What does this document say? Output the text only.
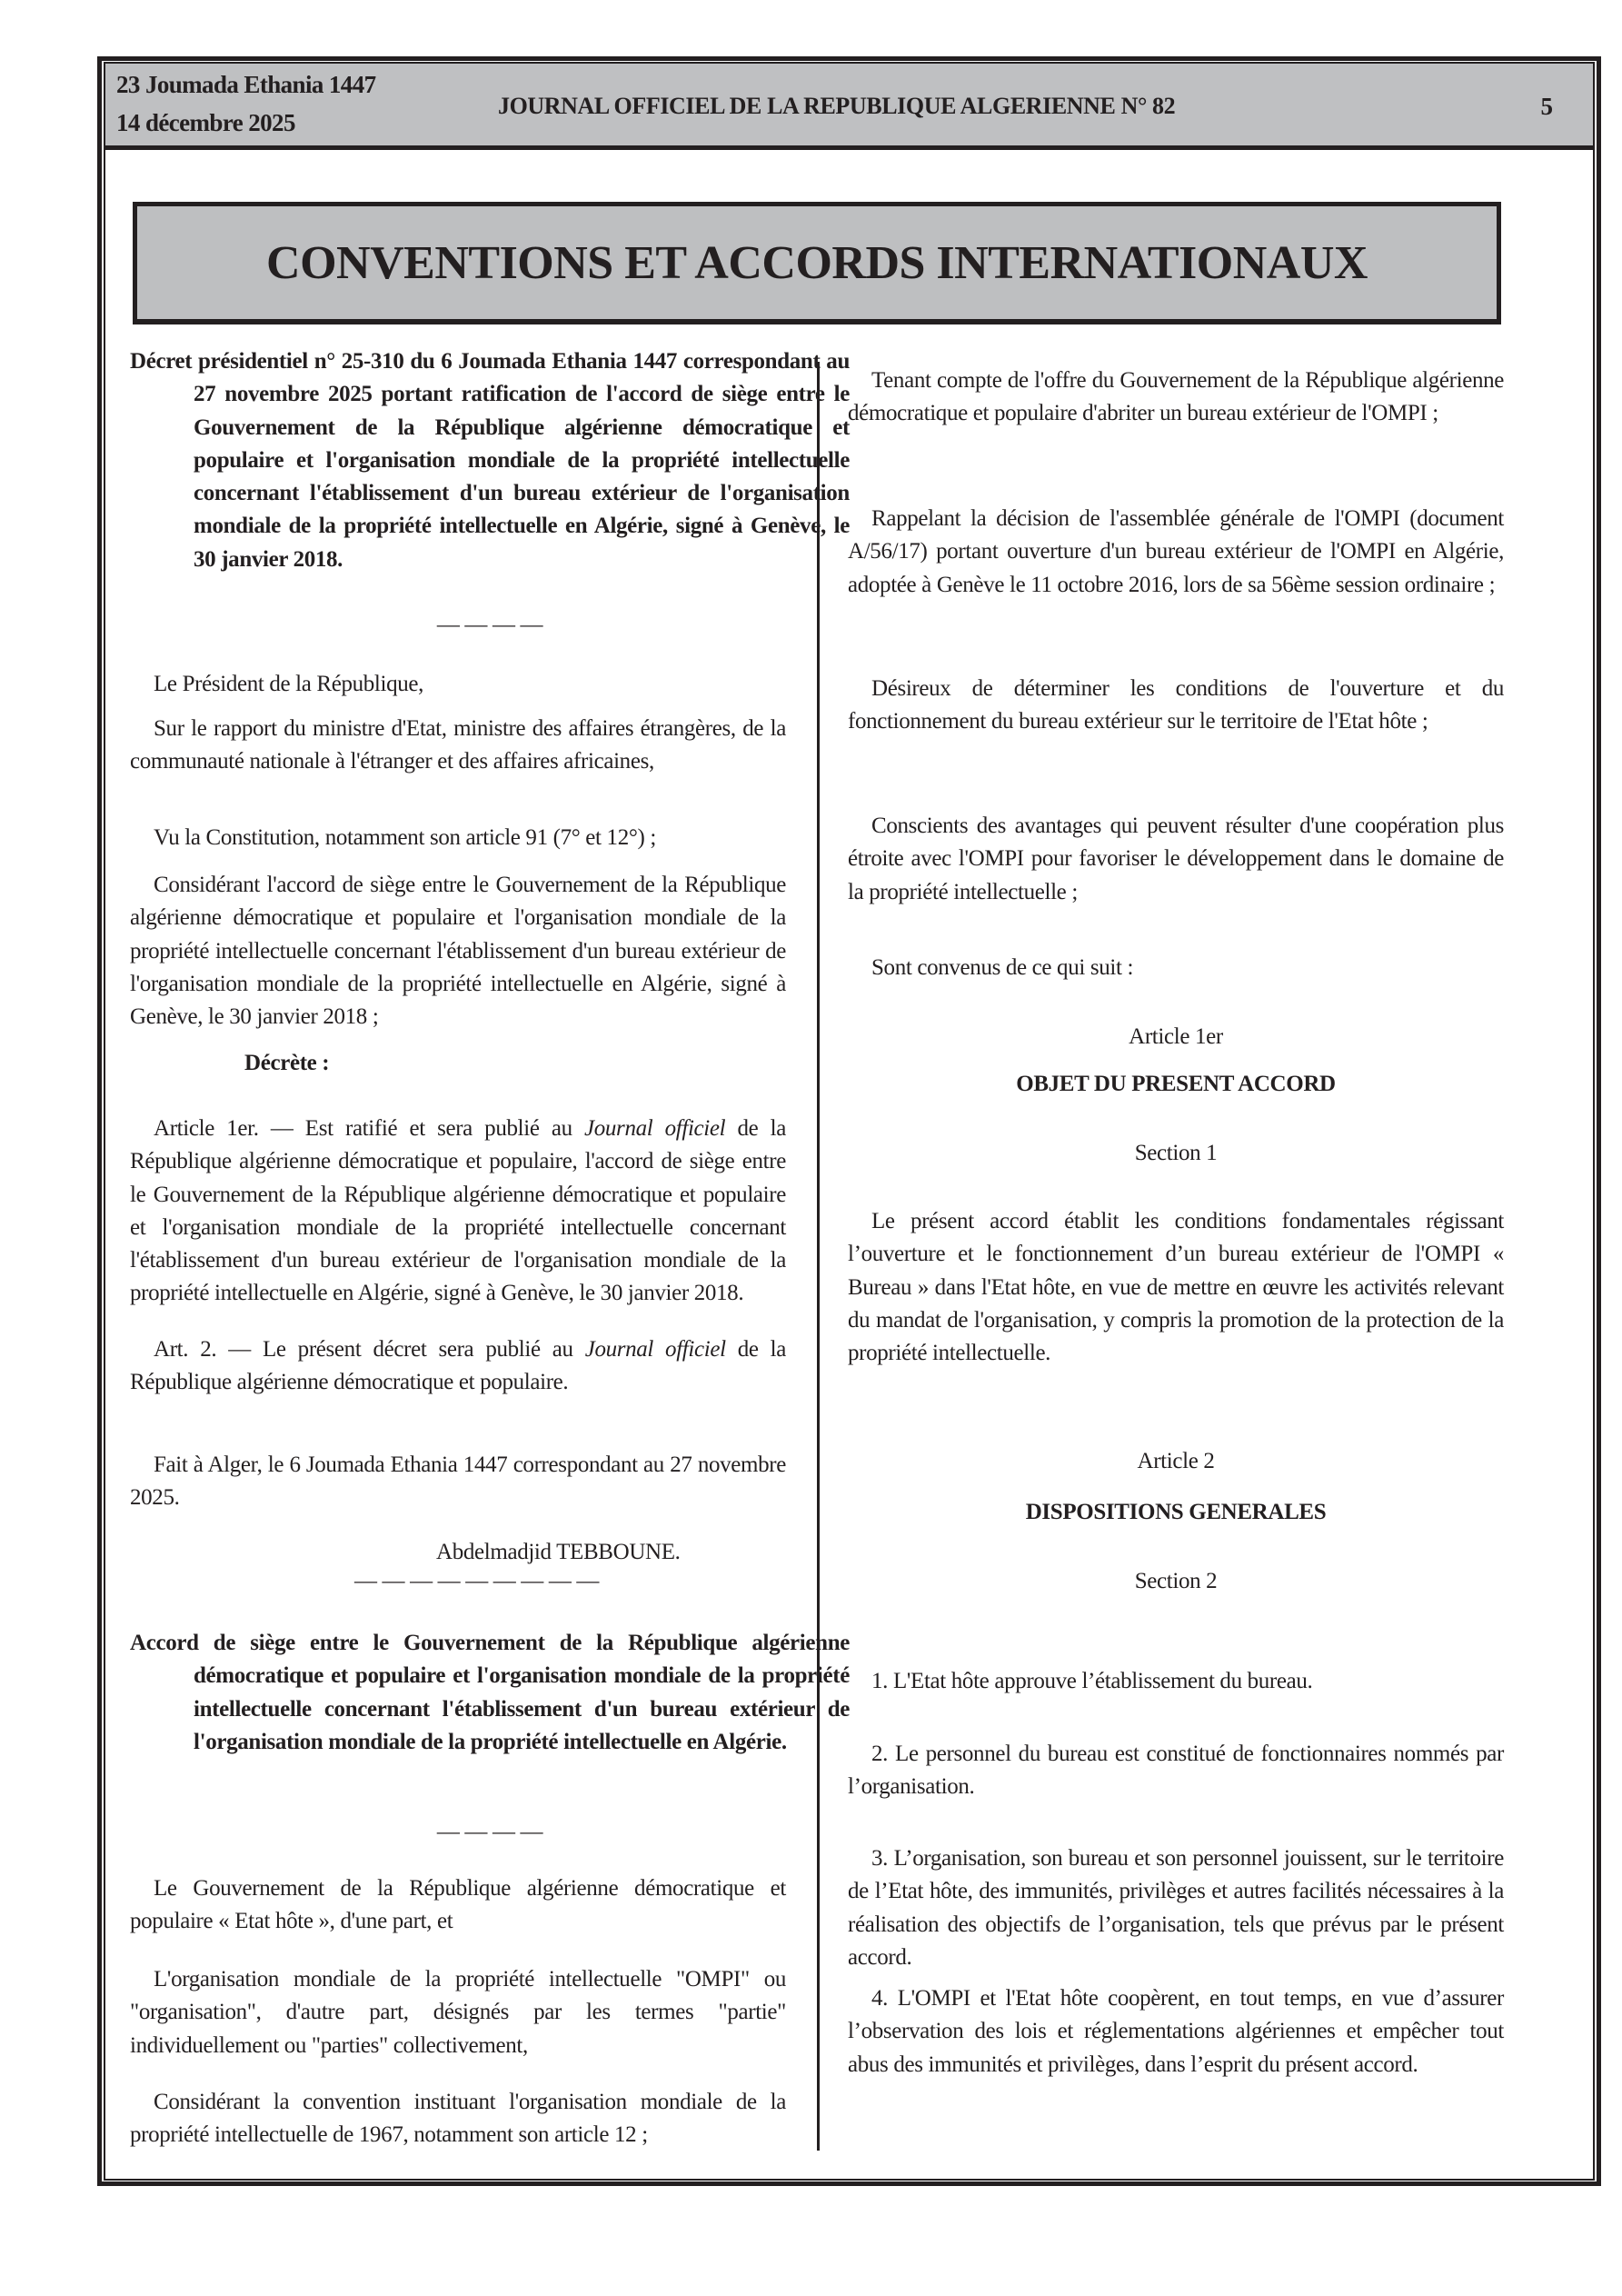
23 Joumada Ethania 1447
14 décembre 2025
JOURNAL OFFICIEL DE LA REPUBLIQUE ALGERIENNE N° 82	5
CONVENTIONS ET ACCORDS INTERNATIONAUX
Décret présidentiel n° 25-310 du 6 Joumada Ethania 1447 correspondant au 27 novembre 2025 portant ratification de l'accord de siège entre le Gouvernement de la République algérienne démocratique et populaire et l'organisation mondiale de la propriété intellectuelle concernant l'établissement d'un bureau extérieur de l'organisation mondiale de la propriété intellectuelle en Algérie, signé à Genève, le 30 janvier 2018.
— — — —
Le Président de la République,
Sur le rapport du ministre d'Etat, ministre des affaires étrangères, de la communauté nationale à l'étranger et des affaires africaines,
Vu la Constitution, notamment son article 91 (7° et 12°) ;
Considérant l'accord de siège entre le Gouvernement de la République algérienne démocratique et populaire et l'organisation mondiale de la propriété intellectuelle concernant l'établissement d'un bureau extérieur de l'organisation mondiale de la propriété intellectuelle en Algérie, signé à Genève, le 30 janvier 2018 ;
Décrète :
Article 1er. — Est ratifié et sera publié au Journal officiel de la République algérienne démocratique et populaire, l'accord de siège entre le Gouvernement de la République algérienne démocratique et populaire et l'organisation mondiale de la propriété intellectuelle concernant l'établissement d'un bureau extérieur de l'organisation mondiale de la propriété intellectuelle en Algérie, signé à Genève, le 30 janvier 2018.
Art. 2. — Le présent décret sera publié au Journal officiel de la République algérienne démocratique et populaire.
Fait à Alger, le 6 Joumada Ethania 1447 correspondant au 27 novembre 2025.
Abdelmadjid TEBBOUNE.
— — — — — — — — —
Accord de siège entre le Gouvernement de la République algérienne démocratique et populaire et l'organisation mondiale de la propriété intellectuelle concernant l'établissement d'un bureau extérieur de l'organisation mondiale de la propriété intellectuelle en Algérie.
— — — —
Le Gouvernement de la République algérienne démocratique et populaire « Etat hôte », d'une part, et
L'organisation mondiale de la propriété intellectuelle "OMPI" ou "organisation", d'autre part, désignés par les termes "partie" individuellement ou "parties" collectivement,
Considérant la convention instituant l'organisation mondiale de la propriété intellectuelle de 1967, notamment son article 12 ;
Tenant compte de l'offre du Gouvernement de la République algérienne démocratique et populaire d'abriter un bureau extérieur de l'OMPI ;
Rappelant la décision de l'assemblée générale de l'OMPI (document A/56/17) portant ouverture d'un bureau extérieur de l'OMPI en Algérie, adoptée à Genève le 11 octobre 2016, lors de sa 56ème session ordinaire ;
Désireux de déterminer les conditions de l'ouverture et du fonctionnement du bureau extérieur sur le territoire de l'Etat hôte ;
Conscients des avantages qui peuvent résulter d'une coopération plus étroite avec l'OMPI pour favoriser le développement dans le domaine de la propriété intellectuelle ;
Sont convenus de ce qui suit :
Article 1er
OBJET DU PRESENT ACCORD
Section 1
Le présent accord établit les conditions fondamentales régissant l’ouverture et le fonctionnement d’un bureau extérieur de l'OMPI « Bureau » dans l'Etat hôte, en vue de mettre en œuvre les activités relevant du mandat de l'organisation, y compris la promotion de la protection de la propriété intellectuelle.
Article 2
DISPOSITIONS GENERALES
Section 2
1. L'Etat hôte approuve l’établissement du bureau.
2. Le personnel du bureau est constitué de fonctionnaires nommés par l’organisation.
3. L’organisation, son bureau et son personnel jouissent, sur le territoire de l’Etat hôte, des immunités, privilèges et autres facilités nécessaires à la réalisation des objectifs de l’organisation, tels que prévus par le présent accord.
4. L'OMPI et l'Etat hôte coopèrent, en tout temps, en vue d’assurer l’observation des lois et réglementations algériennes et empêcher tout abus des immunités et privilèges, dans l’esprit du présent accord.
